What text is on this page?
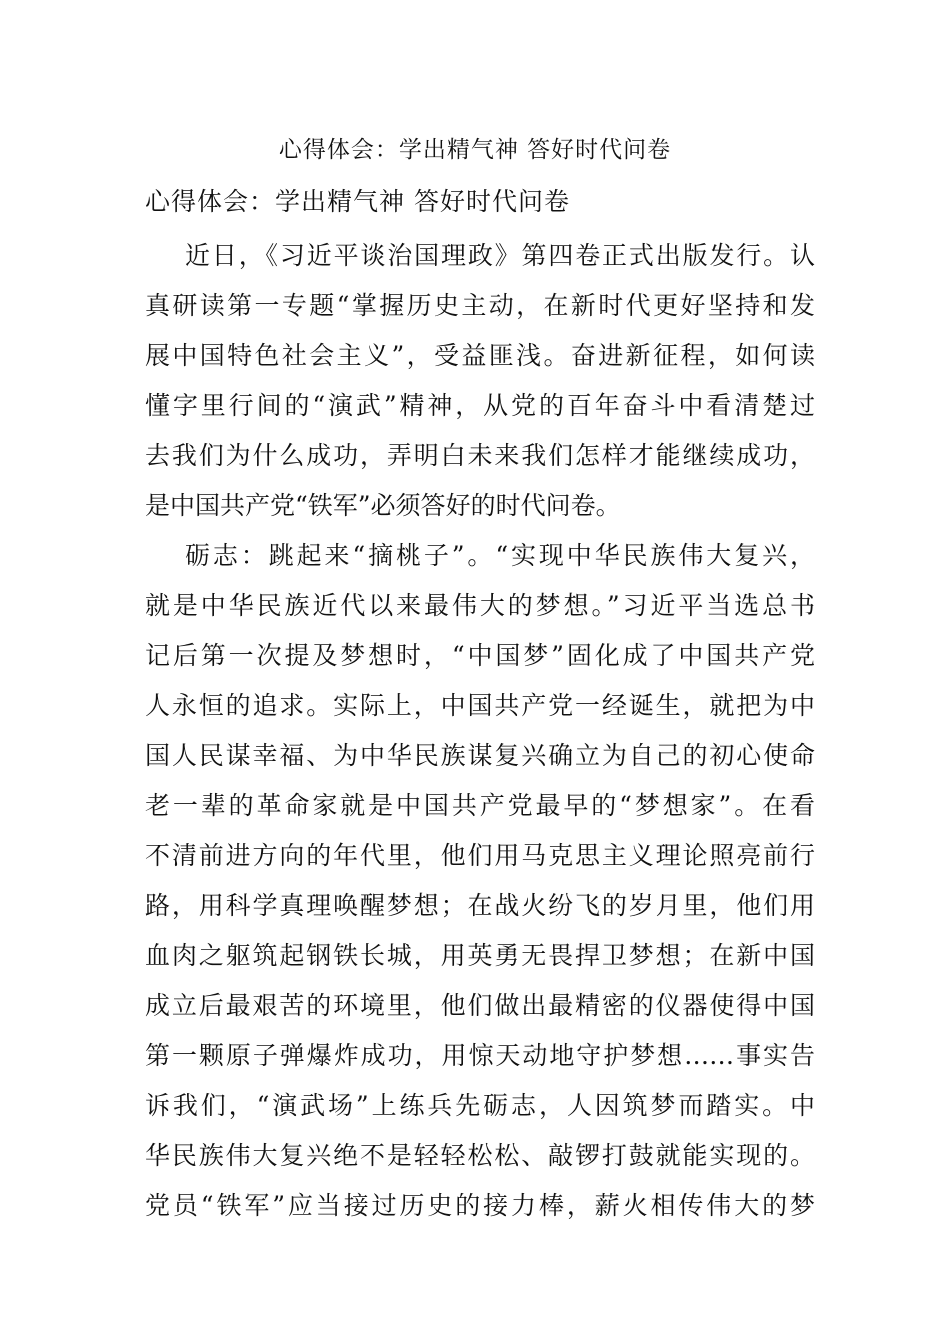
心得体会：学出精气神 答好时代问卷
心得体会：学出精气神 答好时代问卷
近日，《习近平谈治国理政》第四卷正式出版发行。认
真研读第一专题“掌握历史主动，在新时代更好坚持和发
展中国特色社会主义”，受益匪浅。奋进新征程，如何读
懂字里行间的“演武”精神，从党的百年奋斗中看清楚过
去我们为什么成功，弄明白未来我们怎样才能继续成功，
是中国共产党“铁军”必须答好的时代问卷。
砺志：跳起来“摘桃子”。“实现中华民族伟大复兴，
就是中华民族近代以来最伟大的梦想。”习近平当选总书
记后第一次提及梦想时，“中国梦”固化成了中国共产党
人永恒的追求。实际上，中国共产党一经诞生，就把为中
国人民谋幸福、为中华民族谋复兴确立为自己的初心使命
老一辈的革命家就是中国共产党最早的“梦想家”。在看
不清前进方向的年代里，他们用马克思主义理论照亮前行
路，用科学真理唤醒梦想；在战火纷飞的岁月里，他们用
血肉之躯筑起钢铁长城，用英勇无畏捍卫梦想；在新中国
成立后最艰苦的环境里，他们做出最精密的仪器使得中国
第一颗原子弹爆炸成功，用惊天动地守护梦想……事实告
诉我们，“演武场”上练兵先砺志，人因筑梦而踏实。中
华民族伟大复兴绝不是轻轻松松、敲锣打鼓就能实现的。
党员“铁军”应当接过历史的接力棒，薪火相传伟大的梦
